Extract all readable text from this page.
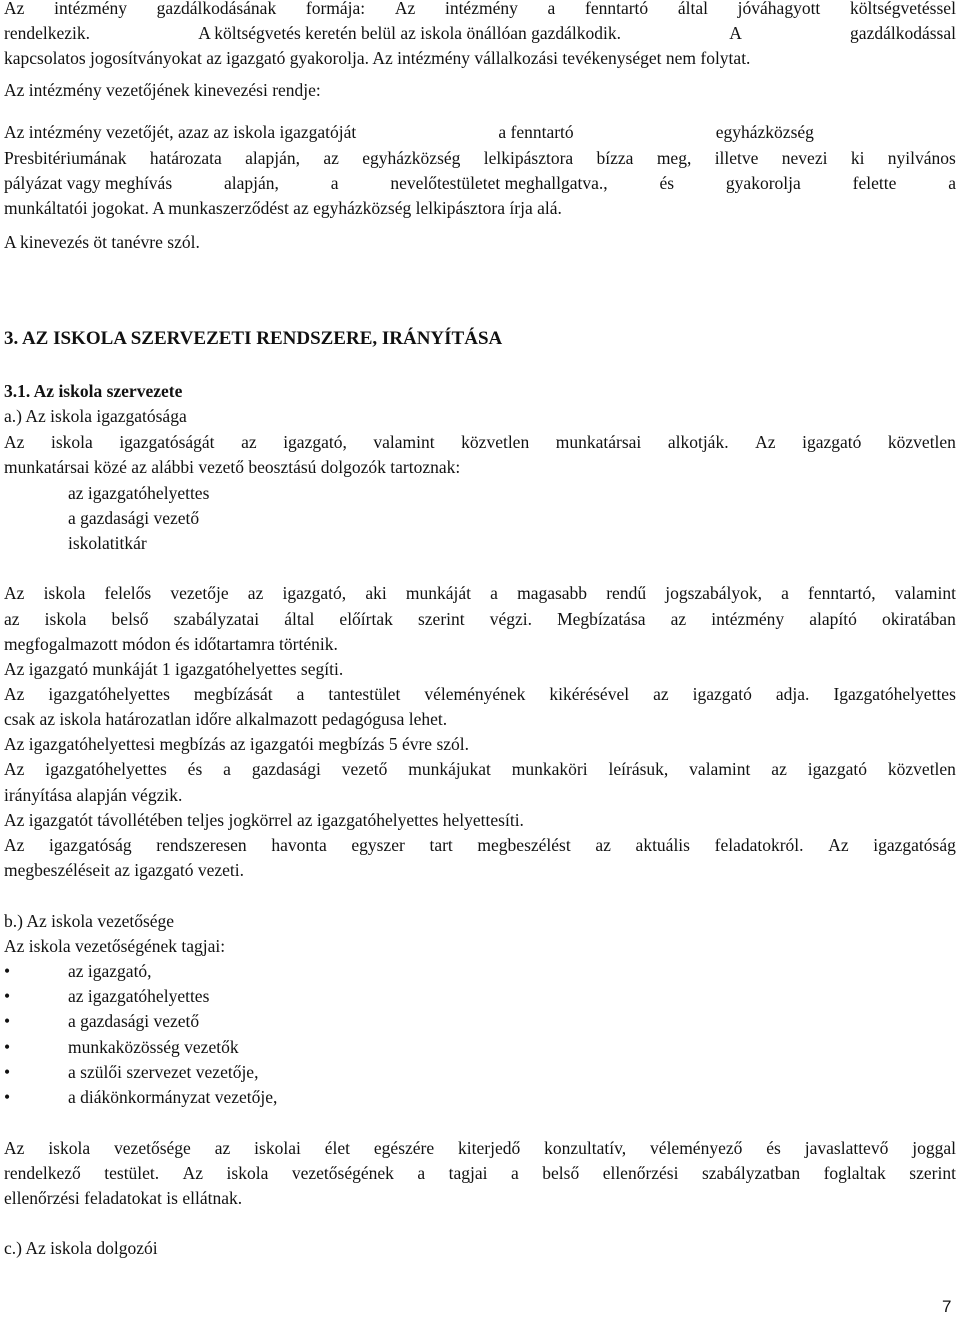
Az intézmény gazdálkodásának formája: Az intézmény a fenntartó által jóváhagyott költségvetéssel
rendelkezik.	A költségvetés keretén belül az iskola önállóan gazdálkodik.	A	gazdálkodással
kapcsolatos jogosítványokat az igazgató gyakorolja. Az intézmény vállalkozási tevékenységet nem folytat.
Az intézmény vezetőjének kinevezési rendje:
Az intézmény vezetőjét, azaz az iskola igazgatóját	a fenntartó	egyházközség
Presbitériumának határozata alapján, az egyházközség lelkipásztora bízza meg, illetve nevezi ki nyilvános
pályázat vagy meghívás	alapján,	a	nevelőtestületet meghallgatva.,	és	gyakorolja	felette	a
munkáltatói jogokat. A munkaszerződést az egyházközség lelkipásztora írja alá.
A kinevezés öt tanévre szól.
3. AZ ISKOLA SZERVEZETI RENDSZERE, IRÁNYÍTÁSA
3.1. Az iskola szervezete
a.) Az iskola igazgatósága
Az iskola igazgatóságát az igazgató, valamint közvetlen munkatársai alkotják. Az igazgató közvetlen
munkatársai közé az alábbi vezető beosztású dolgozók tartoznak:
az igazgatóhelyettes
a gazdasági vezető
iskolatitkár
Az iskola felelős vezetője az igazgató, aki munkáját a magasabb rendű jogszabályok, a fenntartó, valamint
az iskola belső szabályzatai által előírtak szerint végzi. Megbízatása az intézmény alapító okiratában
megfogalmazott módon és időtartamra történik.
Az igazgató munkáját 1 igazgatóhelyettes segíti.
Az igazgatóhelyettes megbízását a tantestület véleményének kikérésével az igazgató adja. Igazgatóhelyettes
csak az iskola határozatlan időre alkalmazott pedagógusa lehet.
Az igazgatóhelyettesi megbízás az igazgatói megbízás 5 évre szól.
Az igazgatóhelyettes és a gazdasági vezető munkájukat munkaköri leírásuk, valamint az igazgató közvetlen
irányítása alapján végzik.
Az igazgatót távollétében teljes jogkörrel az igazgatóhelyettes helyettesíti.
Az igazgatóság rendszeresen havonta egyszer tart megbeszélést az aktuális feladatokról. Az igazgatóság
megbeszéléseit az igazgató vezeti.
b.) Az iskola vezetősége
Az iskola vezetőségének tagjai:
•	az igazgató,
•	az igazgatóhelyettes
•	a gazdasági vezető
•	munkaközösség vezetők
•	a szülői szervezet vezetője,
•	a diákönkormányzat vezetője,
Az iskola vezetősége az iskolai élet egészére kiterjedő konzultatív, véleményező és javaslattevő joggal
rendelkező testület. Az iskola vezetőségének a tagjai a belső ellenőrzési szabályzatban foglaltak szerint
ellenőrzési feladatokat is ellátnak.
c.) Az iskola dolgozói
7
